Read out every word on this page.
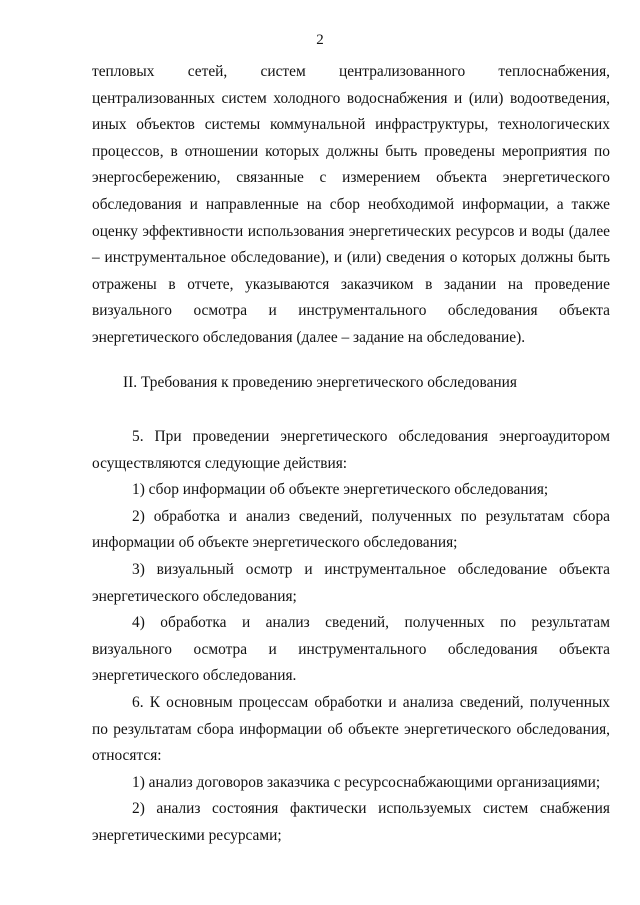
2

тепловых сетей, систем централизованного теплоснабжения, централизованных систем холодного водоснабжения и (или) водоотведения, иных объектов системы коммунальной инфраструктуры, технологических процессов, в отношении которых должны быть проведены мероприятия по энергосбережению, связанные с измерением объекта энергетического обследования и направленные на сбор необходимой информации, а также оценку эффективности использования энергетических ресурсов и воды (далее – инструментальное обследование), и (или) сведения о которых должны быть отражены в отчете, указываются заказчиком в задании на проведение визуального осмотра и инструментального обследования объекта энергетического обследования (далее – задание на обследование).

II. Требования к проведению энергетического обследования

5. При проведении энергетического обследования энергоаудитором осуществляются следующие действия:

1) сбор информации об объекте энергетического обследования;

2) обработка и анализ сведений, полученных по результатам сбора информации об объекте энергетического обследования;

3) визуальный осмотр и инструментальное обследование объекта энергетического обследования;

4) обработка и анализ сведений, полученных по результатам визуального осмотра и инструментального обследования объекта энергетического обследования.

6. К основным процессам обработки и анализа сведений, полученных по результатам сбора информации об объекте энергетического обследования, относятся:

1) анализ договоров заказчика с ресурсоснабжающими организациями;

2) анализ состояния фактически используемых систем снабжения энергетическими ресурсами;
